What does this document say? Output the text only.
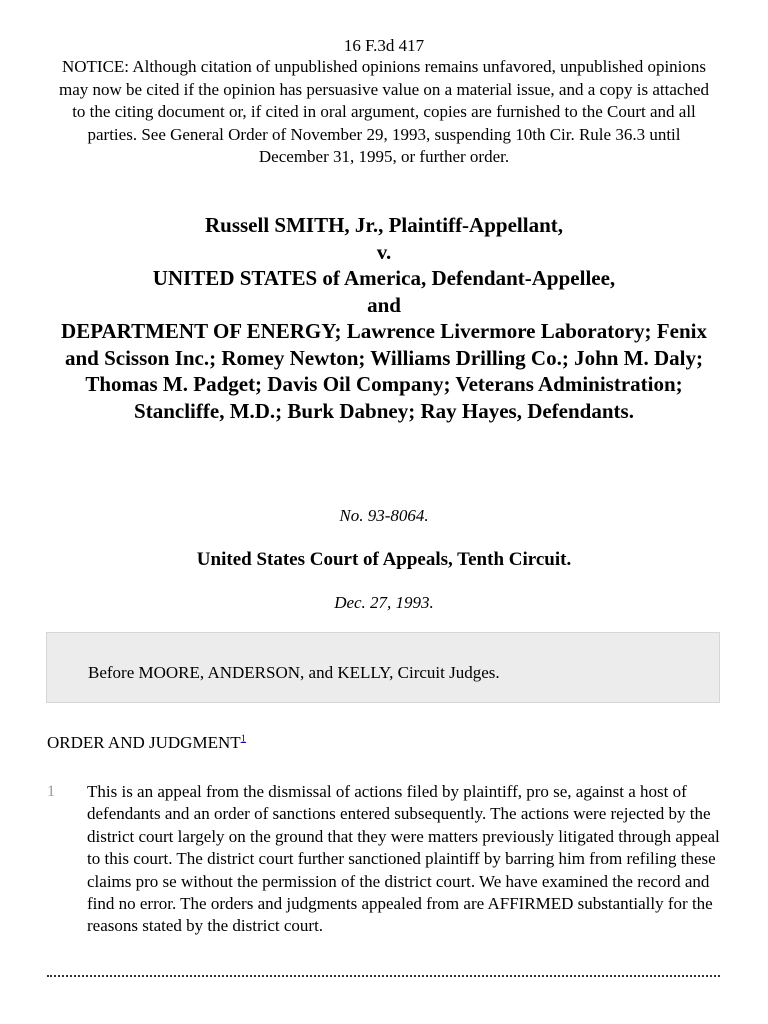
16 F.3d 417
NOTICE: Although citation of unpublished opinions remains unfavored, unpublished opinions may now be cited if the opinion has persuasive value on a material issue, and a copy is attached to the citing document or, if cited in oral argument, copies are furnished to the Court and all parties. See General Order of November 29, 1993, suspending 10th Cir. Rule 36.3 until December 31, 1995, or further order.
Russell SMITH, Jr., Plaintiff-Appellant,
v.
UNITED STATES of America, Defendant-Appellee,
and
DEPARTMENT OF ENERGY; Lawrence Livermore Laboratory; Fenix
and Scisson Inc.; Romey Newton; Williams Drilling Co.; John M. Daly; Thomas M. Padget; Davis Oil Company; Veterans Administration; Stancliffe, M.D.; Burk Dabney; Ray Hayes, Defendants.
No. 93-8064.
United States Court of Appeals, Tenth Circuit.
Dec. 27, 1993.
Before MOORE, ANDERSON, and KELLY, Circuit Judges.
ORDER AND JUDGMENT$^1$
1 This is an appeal from the dismissal of actions filed by plaintiff, pro se, against a host of defendants and an order of sanctions entered subsequently. The actions were rejected by the district court largely on the ground that they were matters previously litigated through appeal to this court. The district court further sanctioned plaintiff by barring him from refiling these claims pro se without the permission of the district court. We have examined the record and find no error. The orders and judgments appealed from are AFFIRMED substantially for the reasons stated by the district court.
